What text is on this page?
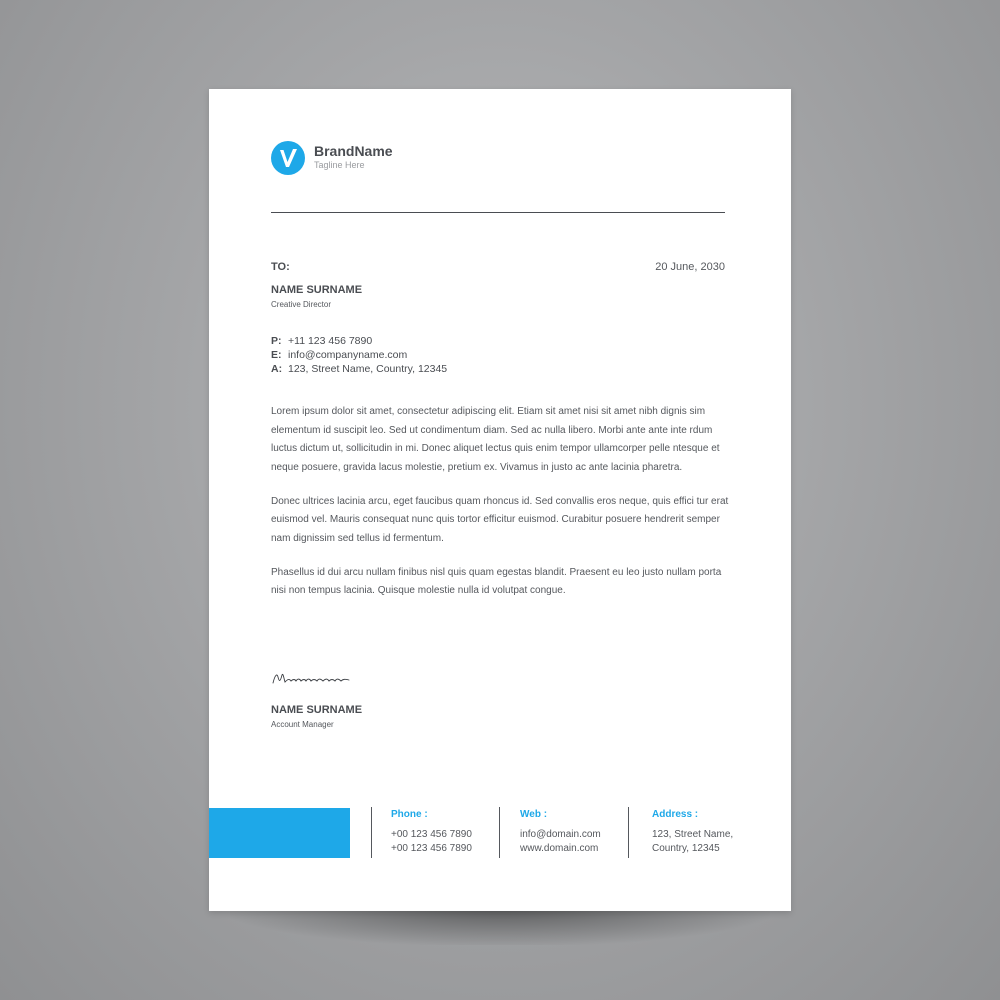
BrandName
Tagline Here
TO:	20 June, 2030
NAME SURNAME
Creative Director
P: +11 123 456 7890
E: info@companyname.com
A: 123, Street Name, Country, 12345

Lorem ipsum dolor sit amet, consectetur adipiscing elit. Etiam sit amet nisi sit amet nibh dignis sim elementum id suscipit leo. Sed ut condimentum diam. Sed ac nulla libero. Morbi ante ante inte rdum luctus dictum ut, sollicitudin in mi. Donec aliquet lectus quis enim tempor ullamcorper pelle ntesque et neque posuere, gravida lacus molestie, pretium ex. Vivamus in justo ac ante lacinia pharetra.

Donec ultrices lacinia arcu, eget faucibus quam rhoncus id. Sed convallis eros neque, quis effici tur erat euismod vel. Mauris consequat nunc quis tortor efficitur euismod. Curabitur posuere hendrerit semper nam dignissim sed tellus id fermentum.

Phasellus id dui arcu nullam finibus nisl quis quam egestas blandit. Praesent eu leo justo nullam porta nisi non tempus lacinia. Quisque molestie nulla id volutpat congue.

NAME SURNAME
Account Manager
Phone :
+00 123 456 7890
+00 123 456 7890
Web :
info@domain.com
www.domain.com
Address :
123, Street Name,
Country, 12345
